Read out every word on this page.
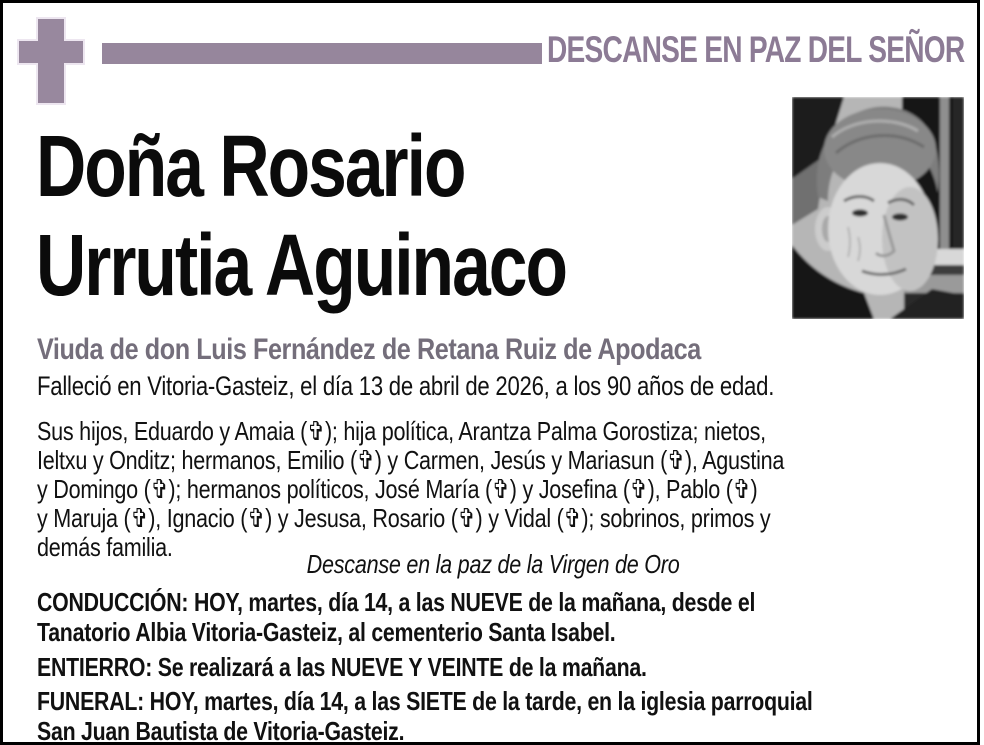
DESCANSE EN PAZ DEL SEÑOR
Doña Rosario
Urrutia Aguinaco
Viuda de don Luis Fernández de Retana Ruiz de Apodaca
Falleció en Vitoria-Gasteiz, el día 13 de abril de 2026, a los 90 años de edad.
Sus hijos, Eduardo y Amaia (✞); hija política, Arantza Palma Gorostiza; nietos,
Ieltxu y Onditz; hermanos, Emilio (✞) y Carmen, Jesús y Mariasun (✞), Agustina
y Domingo (✞); hermanos políticos, José María (✞) y Josefina (✞), Pablo (✞)
y Maruja (✞), Ignacio (✞) y Jesusa, Rosario (✞) y Vidal (✞); sobrinos, primos y
demás familia.
Descanse en la paz de la Virgen de Oro
CONDUCCIÓN: HOY, martes, día 14, a las NUEVE de la mañana, desde el
Tanatorio Albia Vitoria-Gasteiz, al cementerio Santa Isabel.
ENTIERRO: Se realizará a las NUEVE Y VEINTE de la mañana.
FUNERAL: HOY, martes, día 14, a las SIETE de la tarde, en la iglesia parroquial
San Juan Bautista de Vitoria-Gasteiz.
